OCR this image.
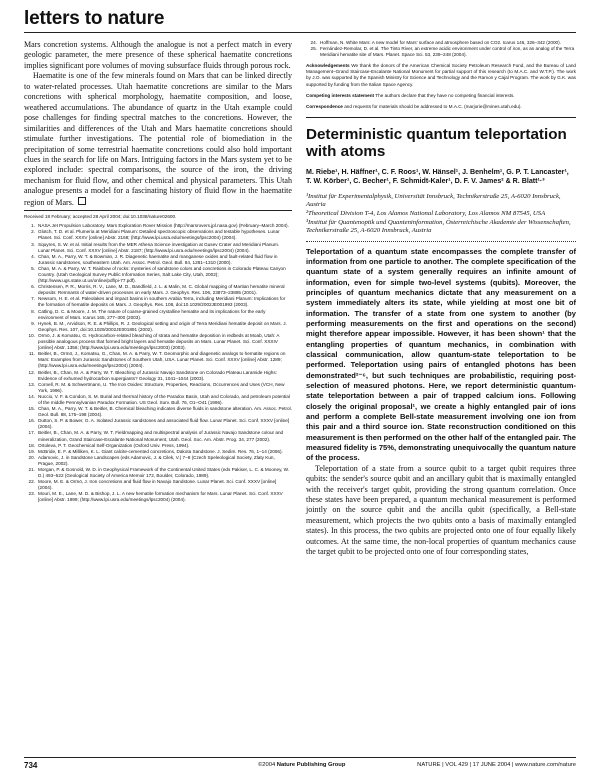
letters to nature

Mars concretion systems. Although the analogue is not a perfect match in every geologic parameter, the mere presence of these spherical haematite concretions implies significant pore volumes of moving subsurface fluids through porous rock.

Haematite is one of the few minerals found on Mars that can be linked directly to water-related processes. Utah haematite concretions are similar to the Mars concretions with spherical morphology, haematite composition, and loose, weathered accumulations. The abundance of quartz in the Utah example could pose challenges for finding spectral matches to the concretions. However, the similarities and differences of the Utah and Mars haematite concretions should stimulate further investigations. The potential role of biomediation in the precipitation of some terrestrial haematite concretions could also hold important clues in the search for life on Mars. Intriguing factors in the Mars system yet to be explored include: spectral comparisons, the source of the iron, the driving mechanism for fluid flow, and other chemical and physical parameters. This Utah analogue presents a model for a fascinating history of fluid flow in the haematite region of Mars.

Received 18 February; accepted 28 April 2004; doi:10.1038/nature02600.
1. NASA Jet Propulsion Laboratory. Mars Exploration Rover Mission (http://marsrovers.jpl.nasa.gov) (February–March 2004).
2. Glotch, T. D. et al. Plumeria at Meridiani Planum: Detailed spectroscopic observations and testable hypotheses. Lunar Planet. Sci. Conf. XXXV [online] Abstr. 2168; (http://www.lpi.usra.edu/meetings/lpsc2004) (2004).
3. Squyres, S. W. et al. Initial results from the MER Athena Science investigation at Gusev Crater and Meridiani Planum. Lunar Planet. Sci. Conf. XXXV [online] Abstr. 2187; (http://www.lpi.usra.edu/meetings/lpsc2004) (2004).
4. Chan, M. A., Parry, W. T. & Bowman, J. R. Diagenetic haematite and manganese oxides and fault-related fluid flow in Jurassic sandstones, southeastern Utah. Am. Assoc. Petrol. Geol. Bull. 84, 1281–1310 (2000).
5. Chan, M. A. & Parry, W. T. Rainbow of rocks: mysteries of sandstone colors and concretions in Colorado Plateau Canyon Country. (Utah Geological Survey Public Information Series, Salt Lake City, Utah, 2002); (http://www.ugs.state.ut.us/online/pdf/pi-77.pdf).
6. Christensen, P. R., Morris, R. V., Lane, M. D., Bandfield, J. L. & Malin, M. C. Global mapping of Martian hematite mineral deposits: Remnants of water-driven processes on early Mars. J. Geophys. Res. 106, 23873–23885 (2001).
7. Newsom, H. E. et al. Paleolakes and impact basins in southern Arabia Terra, including Meridiani Planum: Implications for the formation of hematite deposits on Mars. J. Geophys. Res. 108, doi:10.1029/2002JE001993 (2003).
8. Catling, D. C. & Moore, J. M. The nature of coarse-grained crystalline hematite and its implications for the early environment of Mars. Icarus 165, 277–300 (2003).
9. Hynek, B. M., Arvidson, R. E. & Phillips, R. J. Geological setting and origin of Terra Meridiani hematite deposit on Mars. J. Geophys. Res. 107, doi:10.1029/2002JE001891 (2002).
10. Ormö, J. & Komatsu, G. Hydrocarbon-related bleaching of strata and hematite deposition in redbeds at Moab, Utah: A possible analogous process that formed bright layers and hematite deposits on Mars. Lunar Planet. Sci. Conf. XXXIV [online] Abstr. 1356; (http://www.lpi.usra.edu/meetings/lpsc2003) (2003).
11. Beitler, B., Ormö, J., Komatsu, G., Chan, M. A. & Parry, W. T. Geomorphic and diagenetic analogs to hematite regions on Mars: Examples from Jurassic Sandstones of Southern Utah, USA. Lunar Planet. Sci. Conf. XXXV [online] Abstr. 1289; (http://www.lpi.usra.edu/meetings/lpsc2004) (2004).
12. Beitler, B., Chan, M. A. & Parry, W. T. Bleaching of Jurassic Navajo Sandstone on Colorado Plateau Laramide Highs: Evidence of exhumed hydrocarbon supergiants? Geology 31, 1041–1044 (2003).
13. Cornell, R. M. & Schwertmann, U. The Iron Oxides: Structure, Properties, Reactions, Occurrences and Uses (VCH, New York, 1996).
14. Nuccio, V. F. & Condon, S. M. Burial and thermal history of the Paradox Basin, Utah and Colorado, and petroleum potential of the middle Pennsylvanian Paradox Formation. US Geol. Surv. Bull. 76, O1–O41 (1996).
15. Chan, M. A., Parry, W. T. & Beitler, B. Chemical bleaching indicates diverse fluids in sandstone alteration. Am. Assoc. Petrol. Geol. Bull. 88, 175–198 (2004).
16. Dutton, S. P. & Bower, G. A. Isolated Jurassic sandstones and associated fluid flow. Lunar Planet. Sci. Conf. XXXV [online] (2004).
17. Beitler, B., Chan, M. A. & Parry, W. T. Fieldmapping and multispectral analysis of Jurassic Navajo Sandstone colour and mineralization, Grand Staircase-Escalante National Monument, Utah. Geol. Soc. Am. Abstr. Prog. 34, 277 (2002).
18. Ortoleva, P. T. Geochemical Self-Organization (Oxford Univ. Press, 1994).
19. McBride, E. F. & Milliken, K. L. Giant calcite-cemented concretions, Dakota Sandstone. J. Sedim. Res. 76, 1–14 (2006).
20. Adamovic, J. in Sandstone Landscapes (eds Adamovic, J. & Cilek, V.) 7–8 (Czech Speleological Society, Zlaty Kun, Prague, 2002).
21. Morgan, P. & Gosnold, W. D. in Geophysical Framework of the Continental United States (eds Pakiser, L. C. & Mooney, W. D.) 493–522 (Geological Society of America Memoir 172, Boulder, Colorado, 1989).
22. Moore, M. E. & Ormö, J. Iron concretions and fluid flow in Navajo Sandstone. Lunar Planet. Sci. Conf. XXXV [online] (2004).
23. Mouri, M. E., Lane, M. D. & Bishop, J. L. A new hematite formation mechanism for Mars. Lunar Planet. Sci. Conf. XXXV [online] Abstr. 1999; (http://www.lpi.usra.edu/meetings/lpsc2004) (2004).
24. Hoffman, N. White Mars: A new model for Mars' surface and atmosphere based on CO2. Icarus 146, 326–342 (2000).
25. Fernández-Remolar, D. et al. The Tinto River, an extreme acidic environment under control of iron, as an analog of the Terra Meridiani hematite site of Mars. Planet. Space Sci. 53, 239–248 (2004).
Acknowledgements We thank the donors of the American Chemical Society Petroleum Research Fund, and the Bureau of Land Management–Grand Staircase-Escalante National Monument for partial support of this research (to M.A.C. and W.T.P.). The work by J.O. was supported by the Spanish Ministry for Science and Technology and the Ramon y Cajal Program. The work by G.K. was supported by funding from the Italian Space Agency.
Competing interests statement The authors declare that they have no competing financial interests.
Correspondence and requests for materials should be addressed to M.A.C. (marjorie@mines.utah.edu).
Deterministic quantum teleportation with atoms
M. Riebe¹, H. Häffner¹, C. F. Roos¹, W. Hänsel¹, J. Benhelm¹, G. P. T. Lancaster¹, T. W. Körber¹, C. Becher¹, F. Schmidt-Kaler¹, D. F. V. James² & R. Blatt¹·³
¹Institut für Experimentalphysik, Universität Innsbruck, Technikerstraße 25, A-6020 Innsbruck, Austria
²Theoretical Division T-4, Los Alamos National Laboratory, Los Alamos NM 87545, USA
³Institut für Quantenoptik und Quanteninformation, Österreichische Akademie der Wissenschaften, Technikerstraße 25, A-6020 Innsbruck, Austria

Teleportation of a quantum state encompasses the complete transfer of information from one particle to another. The complete specification of the quantum state of a system generally requires an infinite amount of information, even for simple two-level systems (qubits). Moreover, the principles of quantum mechanics dictate that any measurement on a system immediately alters its state, while yielding at most one bit of information. The transfer of a state from one system to another (by performing measurements on the first and operations on the second) might therefore appear impossible. However, it has been shown¹ that the entangling properties of quantum mechanics, in combination with classical communication, allow quantum-state teleportation to be performed. Teleportation using pairs of entangled photons has been demonstrated²⁻⁶, but such techniques are probabilistic, requiring post-selection of measured photons. Here, we report deterministic quantum-state teleportation between a pair of trapped calcium ions. Following closely the original proposal¹, we create a highly entangled pair of ions and perform a complete Bell-state measurement involving one ion from this pair and a third source ion. State reconstruction conditioned on this measurement is then performed on the other half of the entangled pair. The measured fidelity is 75%, demonstrating unequivocally the quantum nature of the process.

Teleportation of a state from a source qubit to a target qubit requires three qubits: the sender's source qubit and an ancillary qubit that is maximally entangled with the receiver's target qubit, providing the strong quantum correlation. Once these states have been prepared, a quantum mechanical measurement is performed jointly on the source qubit and the ancilla qubit (specifically, a Bell-state measurement, which projects the two qubits onto a basis of maximally entangled states). In this process, the two qubits are projected onto one of four equally likely outcomes. At the same time, the non-local properties of quantum mechanics cause the target qubit to be projected onto one of four corresponding states,

734	©2004 Nature Publishing Group	NATURE | VOL 429 | 17 JUNE 2004 | www.nature.com/nature
